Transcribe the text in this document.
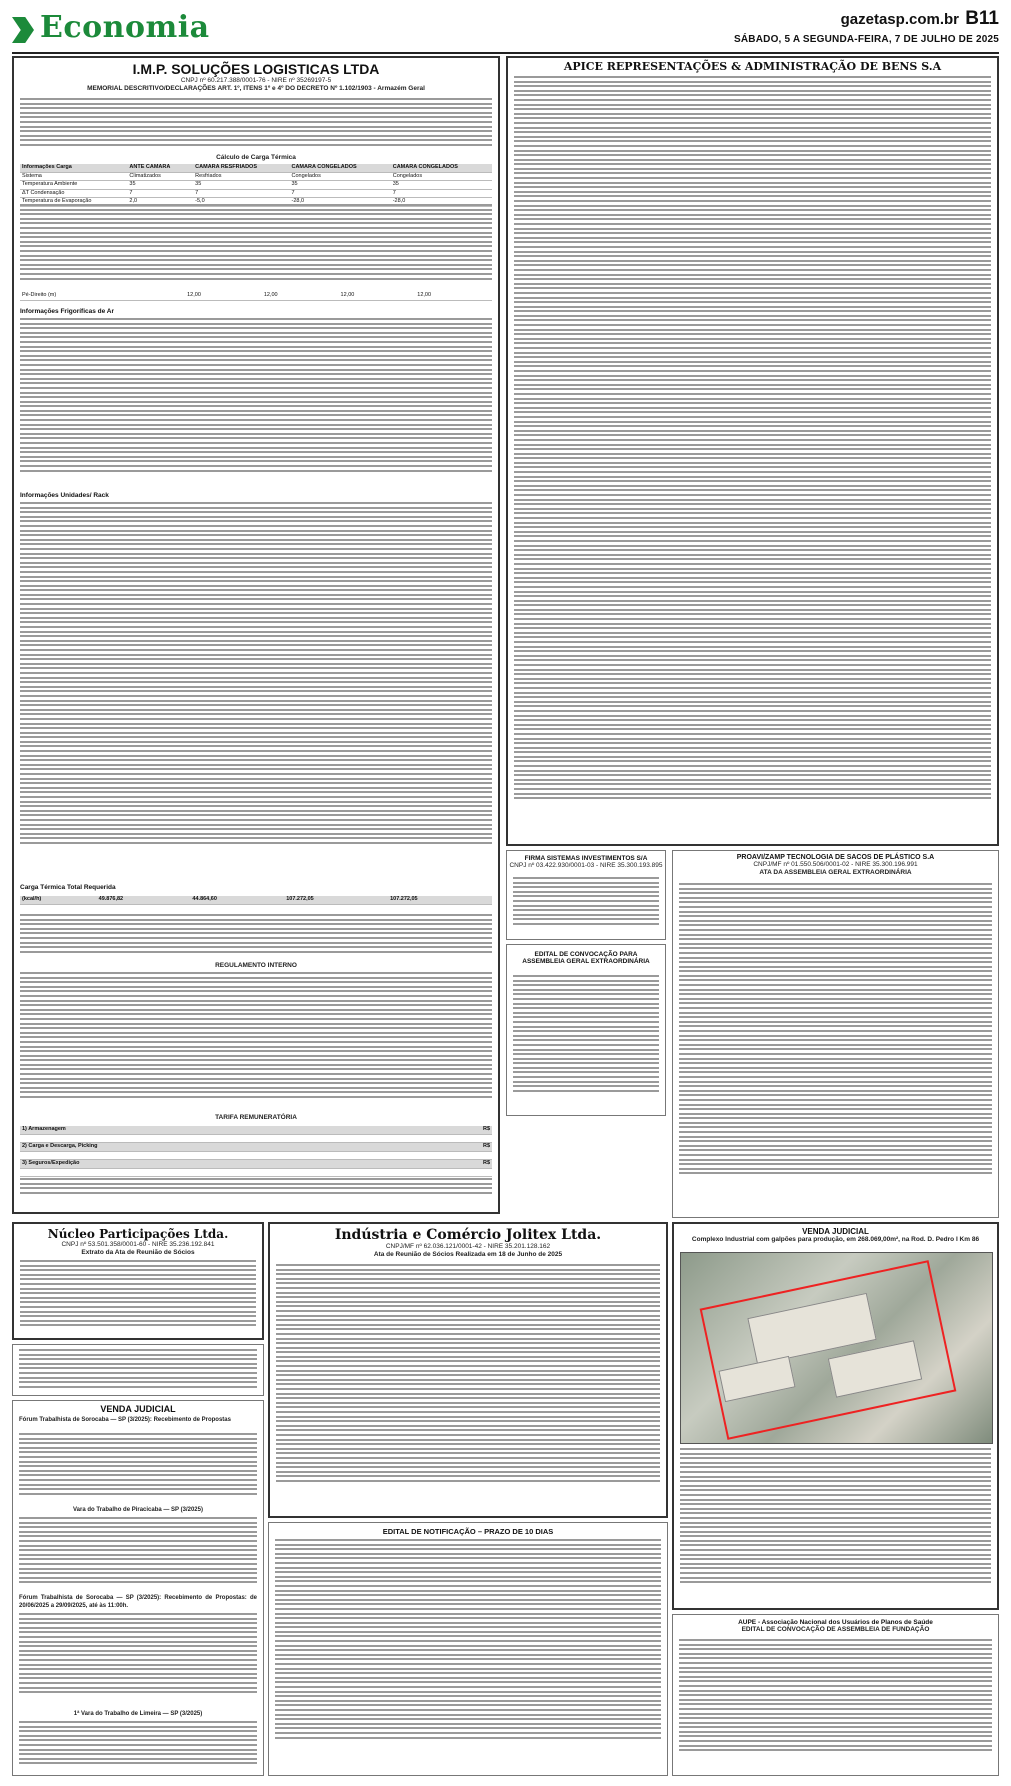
Economia	gazetasp.com.br B11
SÁBADO, 5 A SEGUNDA-FEIRA, 7 DE JULHO DE 2025
I.M.P. SOLUÇÕES LOGISTICAS LTDA
CNPJ nº 60.217.388/0001-76 - NIRE nº 35269197-5
MEMORIAL DESCRITIVO/DECLARAÇÕES ART. 1º, ITENS 1º e 4º DO DECRETO Nº 1.102/1903 - Armazém Geral
Cálculo de Carga Térmica
Informações Carga	ANTE CÂMARA	CÂMARA RESFRIADOS	CÂMARA CONGELADOS	CÂMARA CONGELADOS
Sistema	Climatizados	Resfriados	Congelados	Congelados
Temperatura Ambiente	35	35	35	35
ΔT Condensação	7	7	7	7
Temperatura de Evaporação	2,0	-5,0	-28,0	-28,0
Pé-Direito (m)	12,00	12,00	12,00	12,00
Informações Frigoríficas de Ar
Informações Unidades/ Rack
Carga Térmica Total Requerida
(kcal/h)	49.876,82	44.864,60	107.272,05	107.272,05
REGULAMENTO INTERNO
TARIFA REMUNERATÓRIA
1) Armazenagem	R$

2) Carga e Descarga, Picking	R$

3) Seguros/Expedição	R$

APICE REPRESENTAÇÕES & ADMINISTRAÇÃO DE BENS S.A
FIRMA SISTEMAS INVESTIMENTOS S/A
CNPJ nº 03.422.930/0001-03 - NIRE 35.300.193.895
EDITAL DE CONVOCAÇÃO PARA ASSEMBLEIA GERAL EXTRAORDINÁRIA
PROAVI/ZAMP TECNOLOGIA DE SACOS DE PLÁSTICO S.A
CNPJ/MF nº 01.550.506/0001-02 - NIRE 35.300.196.991
ATA DA ASSEMBLEIA GERAL EXTRAORDINÁRIA
Núcleo Participações Ltda.
CNPJ nº 53.501.358/0001-60 - NIRE 35.236.192.841
Extrato da Ata de Reunião de Sócios
VENDA JUDICIAL
Fórum Trabalhista de Sorocaba — SP (3/2025): Recebimento de Propostas
Vara do Trabalho de Piracicaba — SP (3/2025)
Fórum Trabalhista de Sorocaba — SP (3/2025): Recebimento de Propostas: de 20/06/2025 a 29/09/2025, até às 11:00h.
1ª Vara do Trabalho de Limeira — SP (3/2025)
Indústria e Comércio Jolitex Ltda.
CNPJ/MF nº 62.036.121/0001-42 - NIRE 35.201.128.162
Ata de Reunião de Sócios Realizada em 18 de Junho de 2025
EDITAL DE NOTIFICAÇÃO – PRAZO DE 10 DIAS
VENDA JUDICIAL
Complexo Industrial com galpões para produção, em 268.069,00m², na Rod. D. Pedro I Km 86
AUPE - Associação Nacional dos Usuários de Planos de Saúde
EDITAL DE CONVOCAÇÃO DE ASSEMBLEIA DE FUNDAÇÃO
